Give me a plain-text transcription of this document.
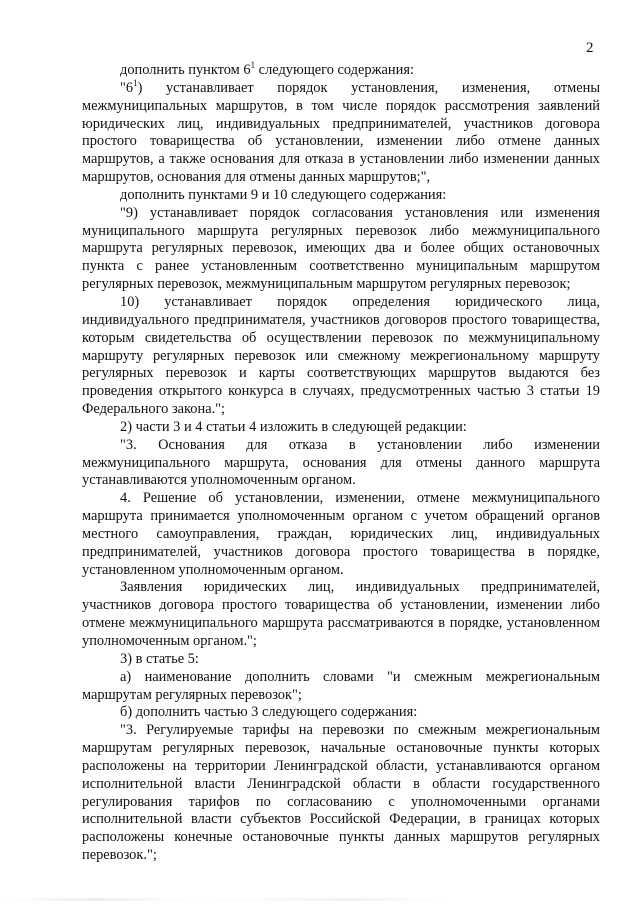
2

дополнить пунктом $6^1$ следующего содержания:

"$6^1$) устанавливает порядок установления, изменения, отмены межмуниципальных маршрутов, в том числе порядок рассмотрения заявлений юридических лиц, индивидуальных предпринимателей, участников договора простого товарищества об установлении, изменении либо отмене данных маршрутов, а также основания для отказа в установлении либо изменении данных маршрутов, основания для отмены данных маршрутов;",

дополнить пунктами 9 и 10 следующего содержания:

"9) устанавливает порядок согласования установления или изменения муниципального маршрута регулярных перевозок либо межмуниципального маршрута регулярных перевозок, имеющих два и более общих остановочных пункта с ранее установленным соответственно муниципальным маршрутом регулярных перевозок, межмуниципальным маршрутом регулярных перевозок;

10) устанавливает порядок определения юридического лица, индивидуального предпринимателя, участников договоров простого товарищества, которым свидетельства об осуществлении перевозок по межмуниципальному маршруту регулярных перевозок или смежному межрегиональному маршруту регулярных перевозок и карты соответствующих маршрутов выдаются без проведения открытого конкурса в случаях, предусмотренных частью 3 статьи 19 Федерального закона.";

2) части 3 и 4 статьи 4 изложить в следующей редакции:

"3. Основания для отказа в установлении либо изменении межмуниципального маршрута, основания для отмены данного маршрута устанавливаются уполномоченным органом.

4. Решение об установлении, изменении, отмене межмуниципального маршрута принимается уполномоченным органом с учетом обращений органов местного самоуправления, граждан, юридических лиц, индивидуальных предпринимателей, участников договора простого товарищества в порядке, установленном уполномоченным органом.

Заявления юридических лиц, индивидуальных предпринимателей, участников договора простого товарищества об установлении, изменении либо отмене межмуниципального маршрута рассматриваются в порядке, установленном уполномоченным органом.";

3) в статье 5:

а) наименование дополнить словами "и смежным межрегиональным маршрутам регулярных перевозок";

б) дополнить частью 3 следующего содержания:

"3. Регулируемые тарифы на перевозки по смежным межрегиональным маршрутам регулярных перевозок, начальные остановочные пункты которых расположены на территории Ленинградской области, устанавливаются органом исполнительной власти Ленинградской области в области государственного регулирования тарифов по согласованию с уполномоченными органами исполнительной власти субъектов Российской Федерации, в границах которых расположены конечные остановочные пункты данных маршрутов регулярных перевозок.";
